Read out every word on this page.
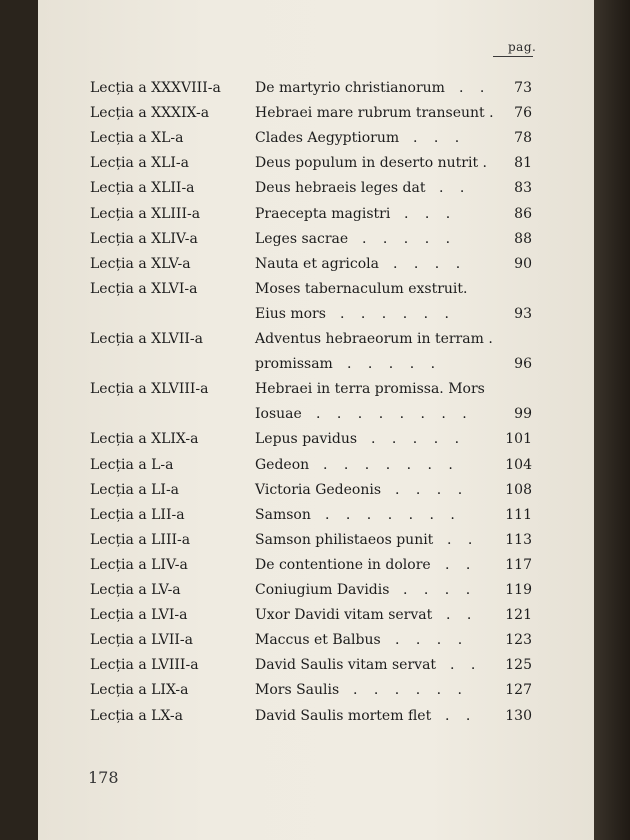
pag.
Lecția a XXXVIII-a De martyrio christianorum . . 73
Lecția a XXXIX-a	Hebraei mare rubrum transeunt . 76
Lecția a XL-a	Clades Aegyptiorum . . .	78
Lecția a XLI-a	Deus populum in deserto nutrit . 81
Lecția a XLII-a	Deus hebraeis leges dat . .	83
Lecția a XLIII-a	Praecepta magistri . . .	86
Lecția a XLIV-a	Leges sacrae . . . . .	88
Lecția a XLV-a	Nauta et agricola . . . .	90
Lecția a XLVI-a	Moses tabernaculum exstruit.
Eius mors . . . . . .	93
Lecția a XLVII-a	Adventus hebraeorum in terram .
promissam . . . . .	96
Lecția a XLVIII-a	Hebraei in terra promissa. Mors
Iosuae . . . . . . . .	99
Lecția a XLIX-a	Lepus pavidus . . . . .	101
Lecția a L-a	Gedeon . . . . . . .	104
Lecția a LI-a	Victoria Gedeonis . . . .	108
Lecția a LII-a	Samson . . . . . . .	111
Lecția a LIII-a	Samson philistaeos punit . . 113
Lecția a LIV-a	De contentione in dolore . . 117
Lecția a LV-a	Coniugium Davidis . . . . 119
Lecția a LVI-a	Uxor Davidi vitam servat . . 121
Lecția a LVII-a	Maccus et Balbus . . . .	123
Lecția a LVIII-a	David Saulis vitam servat . . 125
Lecția a LIX-a	Mors Saulis . . . . . .	127
Lecția a LX-a	David Saulis mortem flet . . 130
178
